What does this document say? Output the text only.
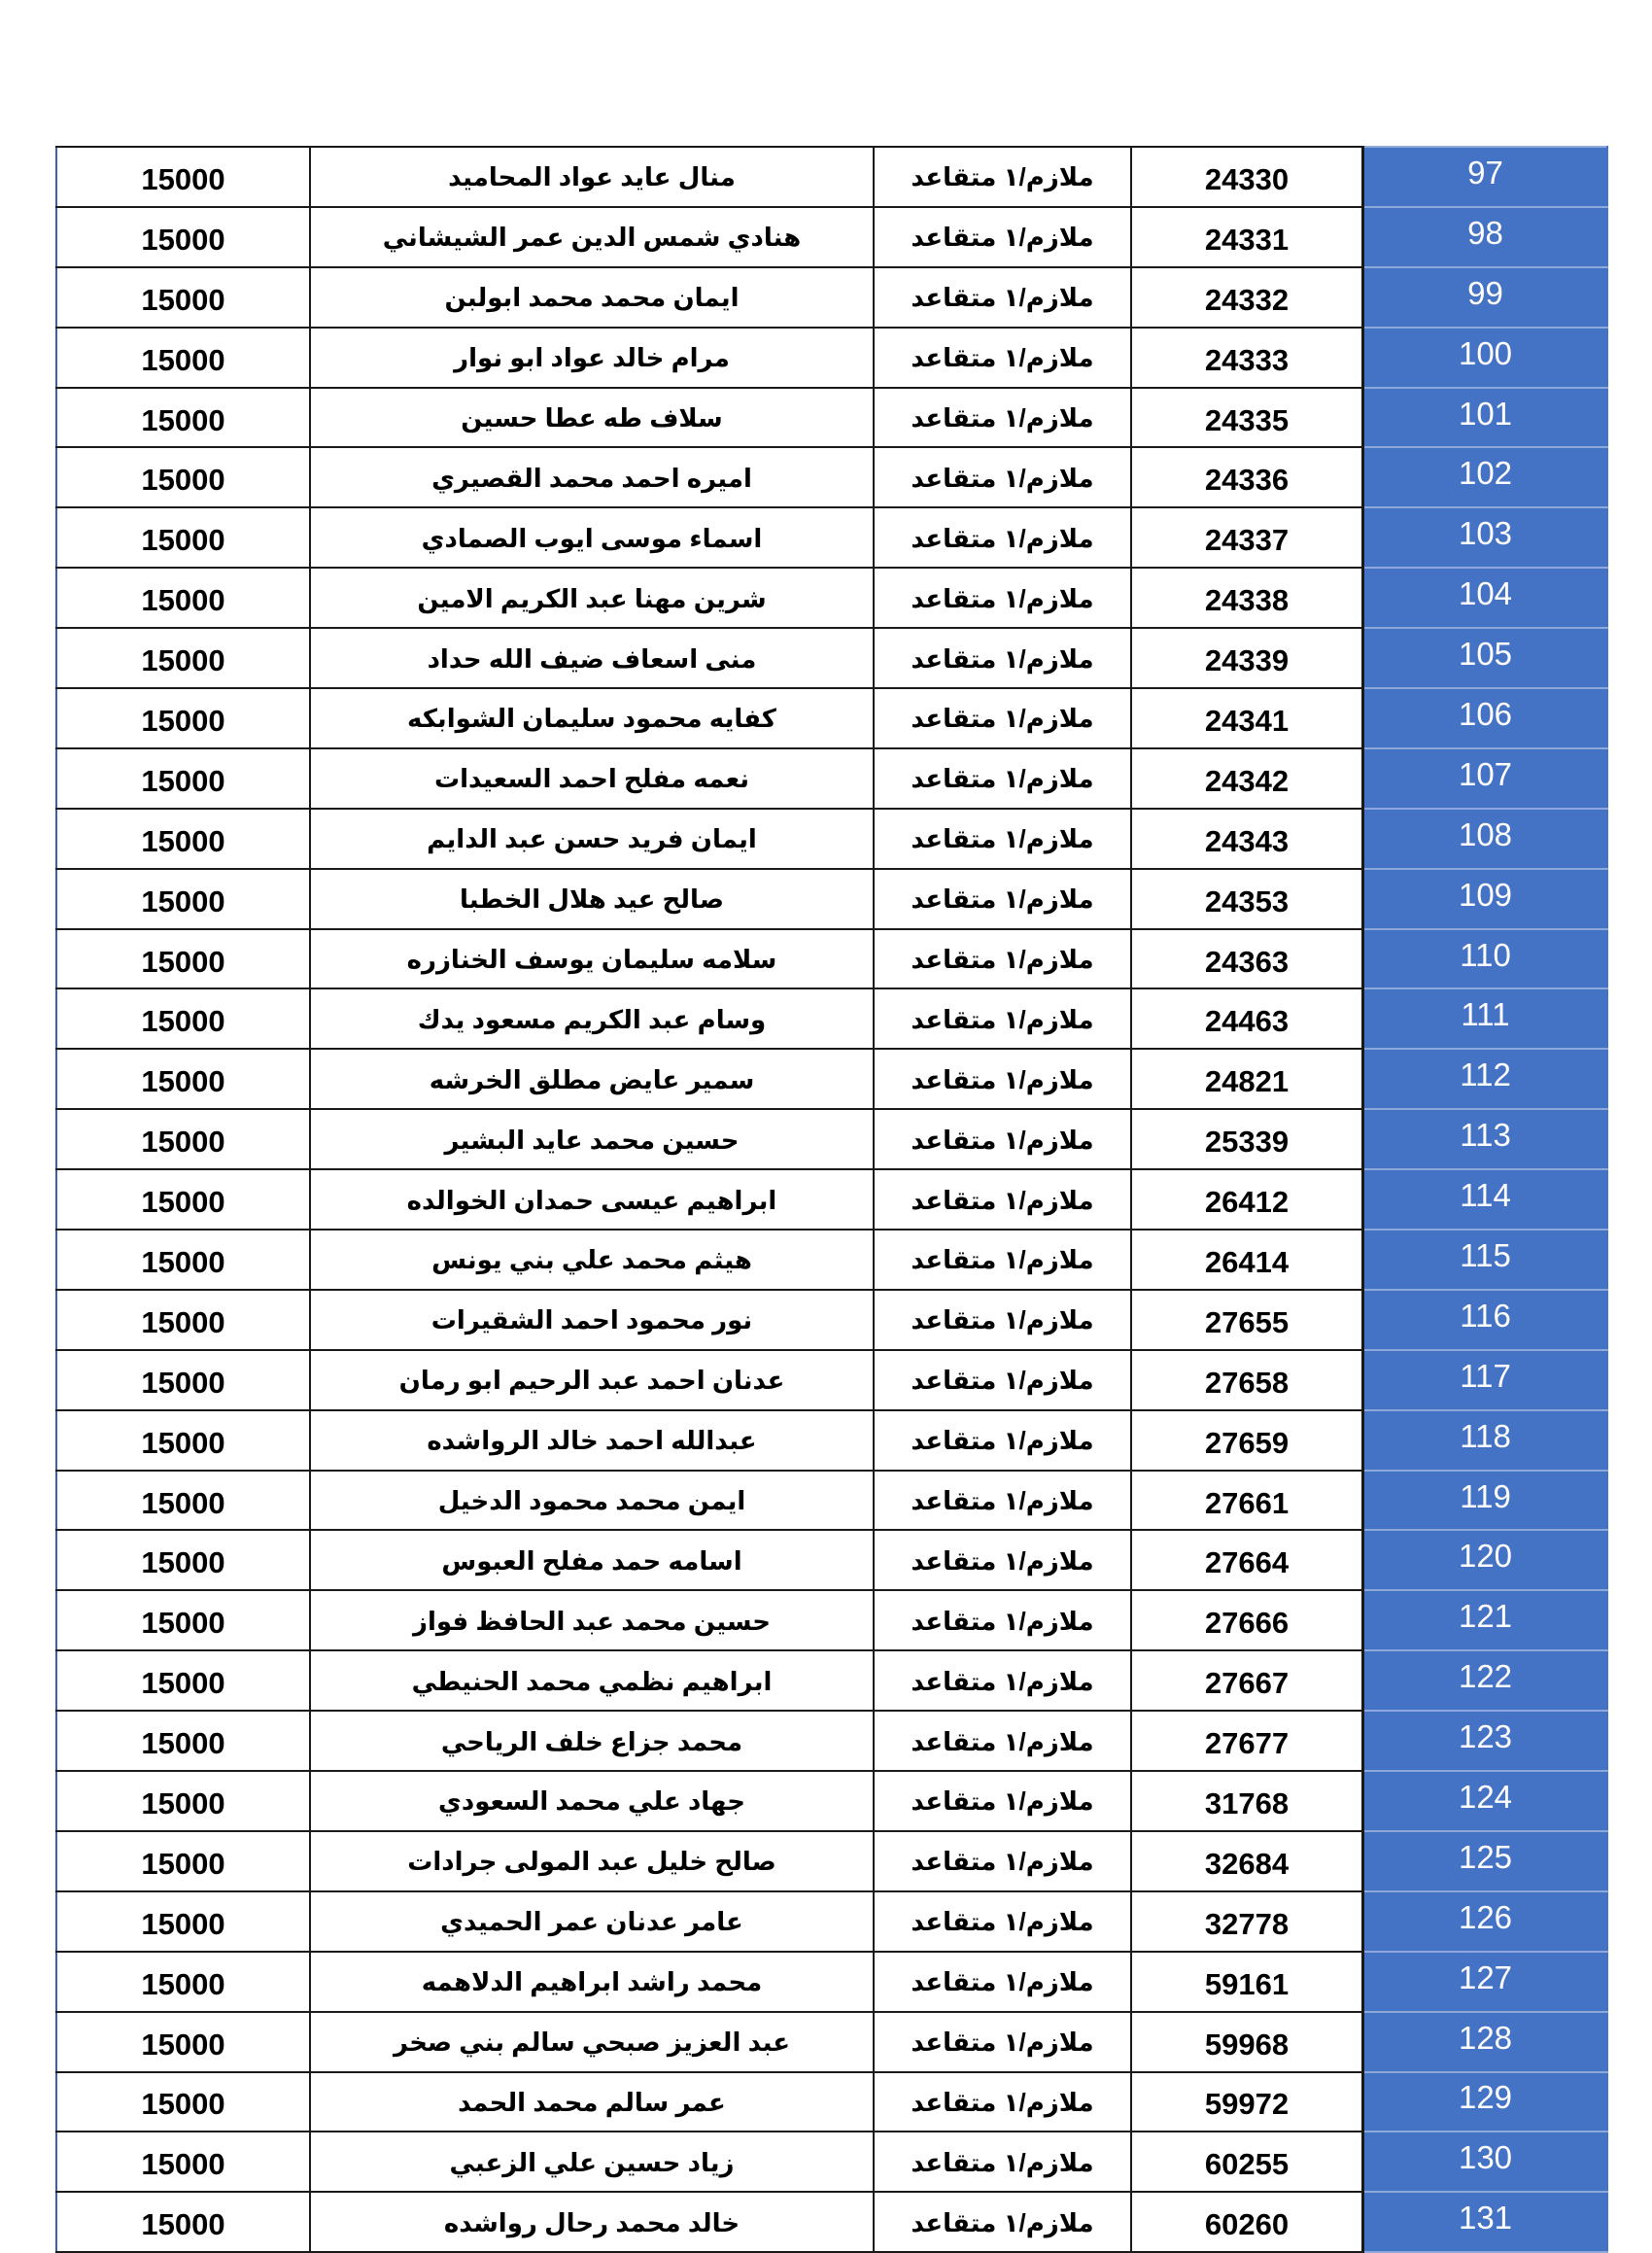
15000	منال عايد عواد المحاميد	ملازم/١ متقاعد	24330	97
15000	هنادي شمس الدين عمر الشيشاني	ملازم/١ متقاعد	24331	98
15000	ايمان محمد محمد ابولبن	ملازم/١ متقاعد	24332	99
15000	مرام خالد عواد ابو نوار	ملازم/١ متقاعد	24333	100
15000	سلاف طه عطا حسين	ملازم/١ متقاعد	24335	101
15000	اميره احمد محمد القصيري	ملازم/١ متقاعد	24336	102
15000	اسماء موسى ايوب الصمادي	ملازم/١ متقاعد	24337	103
15000	شرين مهنا عبد الكريم الامين	ملازم/١ متقاعد	24338	104
15000	منى اسعاف ضيف الله حداد	ملازم/١ متقاعد	24339	105
15000	كفايه محمود سليمان الشوابكه	ملازم/١ متقاعد	24341	106
15000	نعمه مفلح احمد السعيدات	ملازم/١ متقاعد	24342	107
15000	ايمان فريد حسن عبد الدايم	ملازم/١ متقاعد	24343	108
15000	صالح عيد هلال الخطبا	ملازم/١ متقاعد	24353	109
15000	سلامه سليمان يوسف الخنازره	ملازم/١ متقاعد	24363	110
15000	وسام عبد الكريم مسعود يدك	ملازم/١ متقاعد	24463	111
15000	سمير عايض مطلق الخرشه	ملازم/١ متقاعد	24821	112
15000	حسين محمد عايد البشير	ملازم/١ متقاعد	25339	113
15000	ابراهيم عيسى حمدان الخوالده	ملازم/١ متقاعد	26412	114
15000	هيثم محمد علي بني يونس	ملازم/١ متقاعد	26414	115
15000	نور محمود احمد الشقيرات	ملازم/١ متقاعد	27655	116
15000	عدنان احمد عبد الرحيم ابو رمان	ملازم/١ متقاعد	27658	117
15000	عبدالله احمد خالد الرواشده	ملازم/١ متقاعد	27659	118
15000	ايمن محمد محمود الدخيل	ملازم/١ متقاعد	27661	119
15000	اسامه حمد مفلح العبوس	ملازم/١ متقاعد	27664	120
15000	حسين محمد عبد الحافظ فواز	ملازم/١ متقاعد	27666	121
15000	ابراهيم نظمي محمد الحنيطي	ملازم/١ متقاعد	27667	122
15000	محمد جزاع خلف الرياحي	ملازم/١ متقاعد	27677	123
15000	جهاد علي محمد السعودي	ملازم/١ متقاعد	31768	124
15000	صالح خليل عبد المولى جرادات	ملازم/١ متقاعد	32684	125
15000	عامر عدنان عمر الحميدي	ملازم/١ متقاعد	32778	126
15000	محمد راشد ابراهيم الدلاهمه	ملازم/١ متقاعد	59161	127
15000	عبد العزيز صبحي سالم بني صخر	ملازم/١ متقاعد	59968	128
15000	عمر سالم محمد الحمد	ملازم/١ متقاعد	59972	129
15000	زياد حسين علي الزعبي	ملازم/١ متقاعد	60255	130
15000	خالد محمد رحال رواشده	ملازم/١ متقاعد	60260	131
